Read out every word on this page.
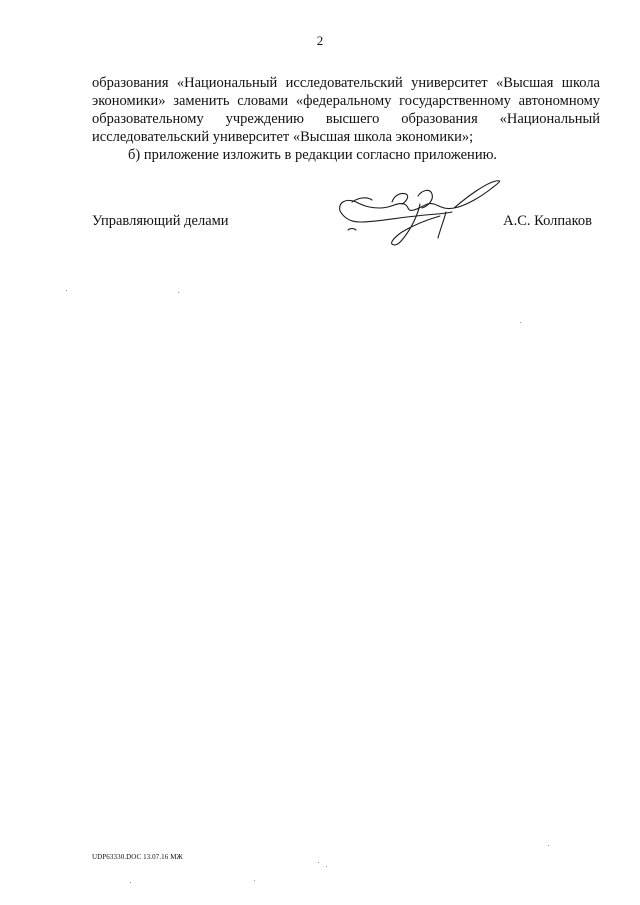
2

образования «Национальный исследовательский университет «Высшая школа экономики» заменить словами «федеральному государственному автономному образовательному учреждению высшего образования «Национальный исследовательский университет «Высшая школа экономики»;

б) приложение изложить в редакции согласно приложению.

Управляющий делами	А.С. Колпаков
UDP63330.DOC 13.07.16 MЖ
